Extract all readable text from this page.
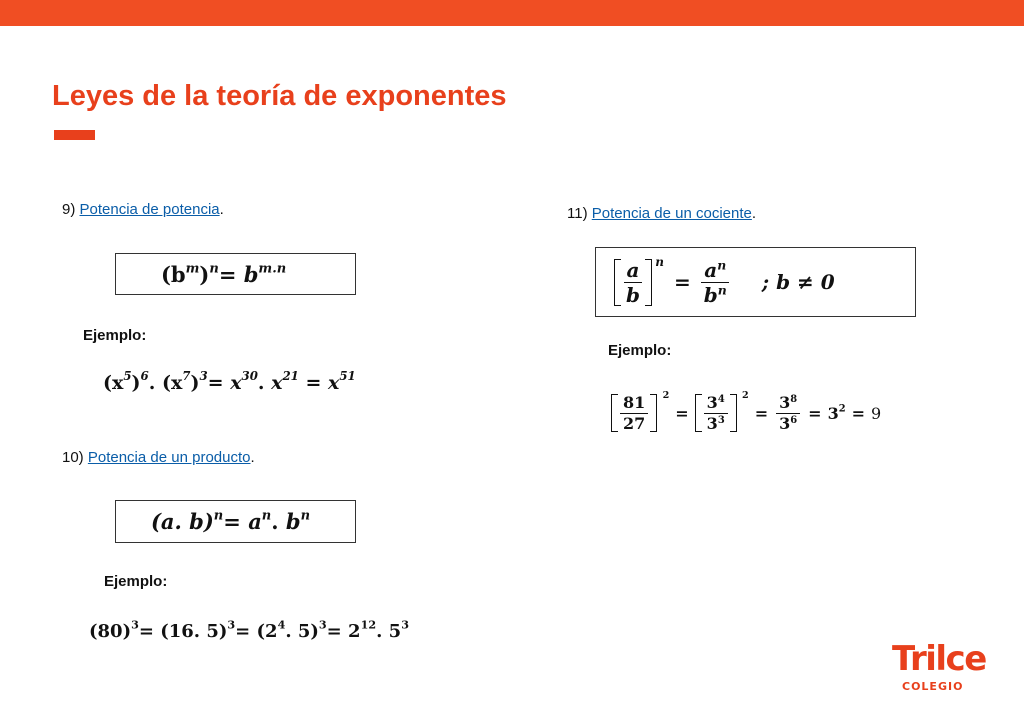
Leyes de la teoría de exponentes
9) Potencia de potencia.
$(b^m)^n= b^{m.n}$
Ejemplo:
$(x^5)^6$. $(x^7)^3= x^{30}$. $x^{21} = x^{51}$
10) Potencia de un producto.
(a. $b)^n= a^n$. $b^n$
Ejemplo:
$(80)^3= (16$. $5)^3= (2^4$. $5)^3= 2^{12}$. $5^3$
11) Potencia de un cociente.
$\frac{a}{b}$ n
= $\frac{a^n}{b^n}$ ; b ≠ 0
Ejemplo:
$\frac{81}{27} 2$
= $\frac{3^4}{3^3} 2$
= $\frac{3^8}{3^6} = 3^2 = 9$
Trilce
COLEGIO
